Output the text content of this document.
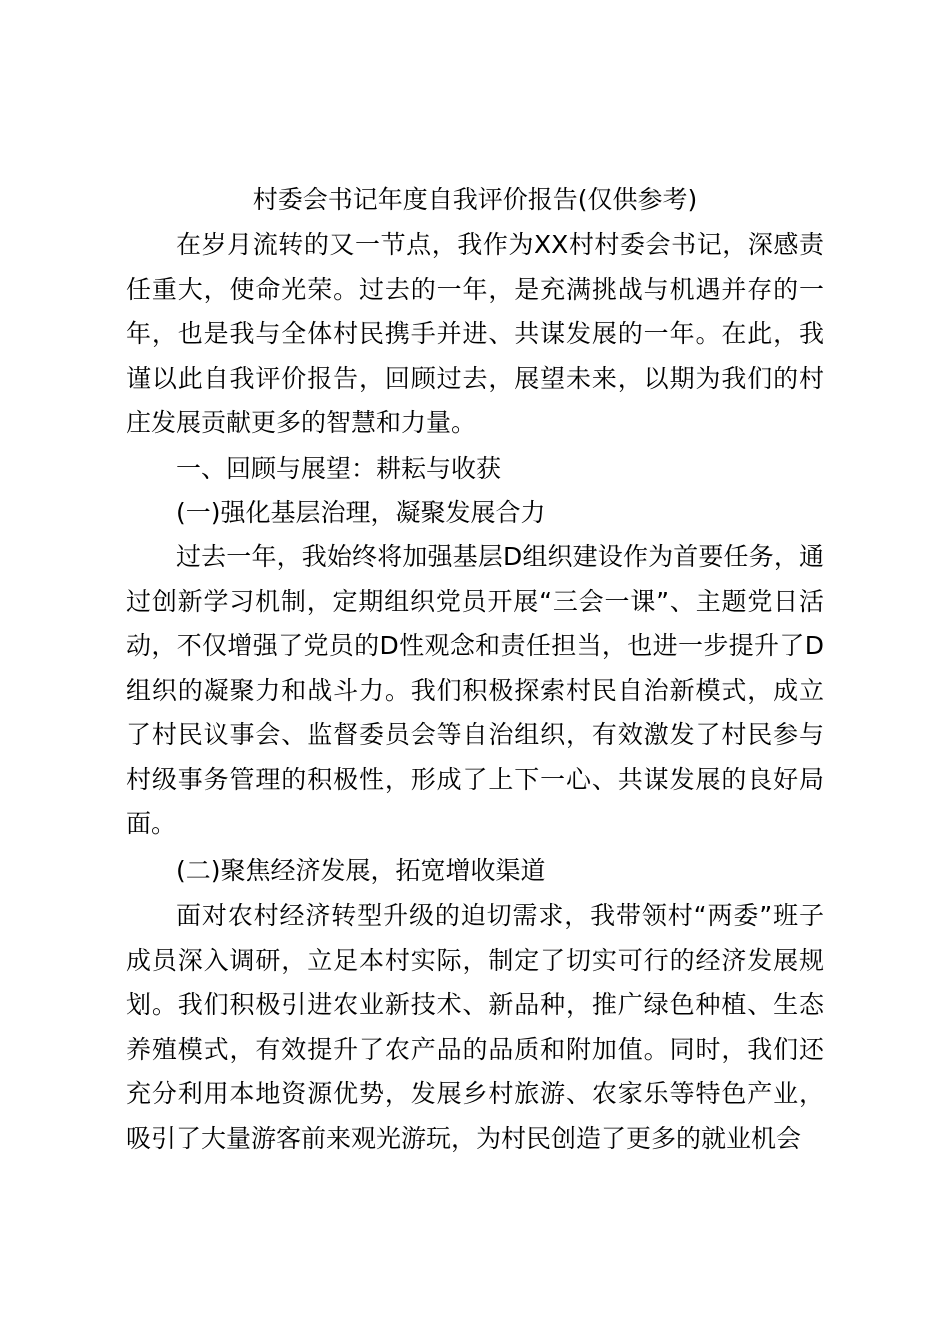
村委会书记年度自我评价报告(仅供参考)

在岁月流转的又一节点，我作为XX村村委会书记，深感责任重大，使命光荣。过去的一年，是充满挑战与机遇并存的一年，也是我与全体村民携手并进、共谋发展的一年。在此，我谨以此自我评价报告，回顾过去，展望未来，以期为我们的村庄发展贡献更多的智慧和力量。

一、回顾与展望：耕耘与收获

(一)强化基层治理，凝聚发展合力

过去一年，我始终将加强基层D组织建设作为首要任务，通过创新学习机制，定期组织党员开展“三会一课”、主题党日活动，不仅增强了党员的D性观念和责任担当，也进一步提升了D组织的凝聚力和战斗力。我们积极探索村民自治新模式，成立了村民议事会、监督委员会等自治组织，有效激发了村民参与村级事务管理的积极性，形成了上下一心、共谋发展的良好局面。

(二)聚焦经济发展，拓宽增收渠道

面对农村经济转型升级的迫切需求，我带领村“两委”班子成员深入调研，立足本村实际，制定了切实可行的经济发展规划。我们积极引进农业新技术、新品种，推广绿色种植、生态养殖模式，有效提升了农产品的品质和附加值。同时，我们还充分利用本地资源优势，发展乡村旅游、农家乐等特色产业，吸引了大量游客前来观光游玩，为村民创造了更多的就业机会
